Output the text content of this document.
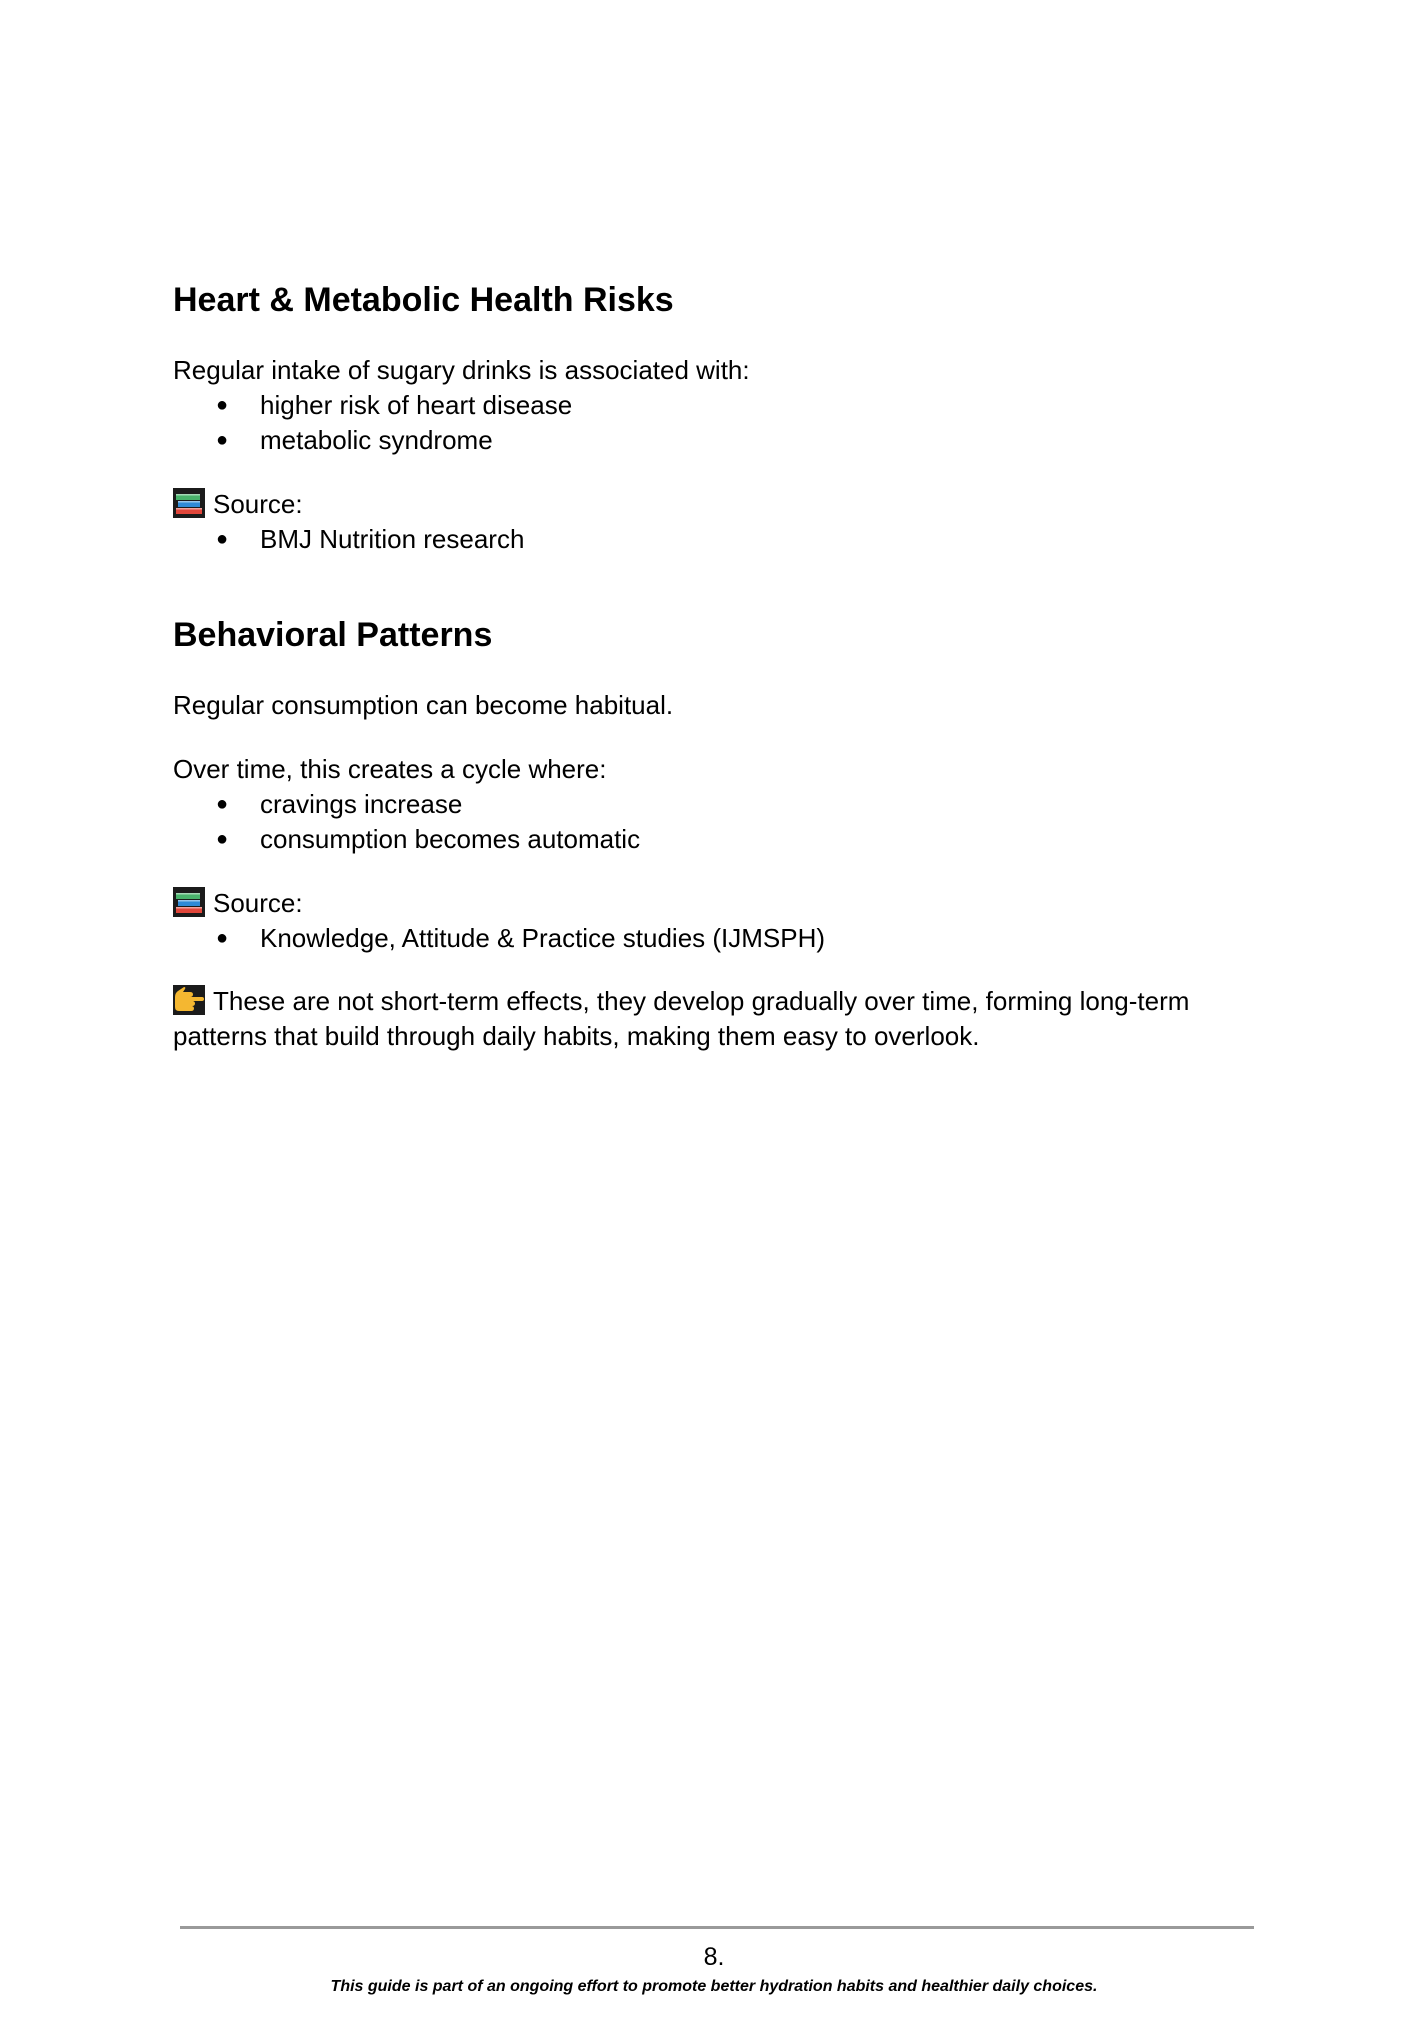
Heart & Metabolic Health Risks

Regular intake of sugary drinks is associated with:

● higher risk of heart disease
● metabolic syndrome

Source:

● BMJ Nutrition research
Behavioral Patterns

Regular consumption can become habitual.

Over time, this creates a cycle where:

● cravings increase
● consumption becomes automatic

Source:

● Knowledge, Attitude & Practice studies (IJMSPH)

These are not short-term effects, they develop gradually over time, forming long-term patterns that build through daily habits, making them easy to overlook.

8.
This guide is part of an ongoing effort to promote better hydration habits and healthier daily choices.
